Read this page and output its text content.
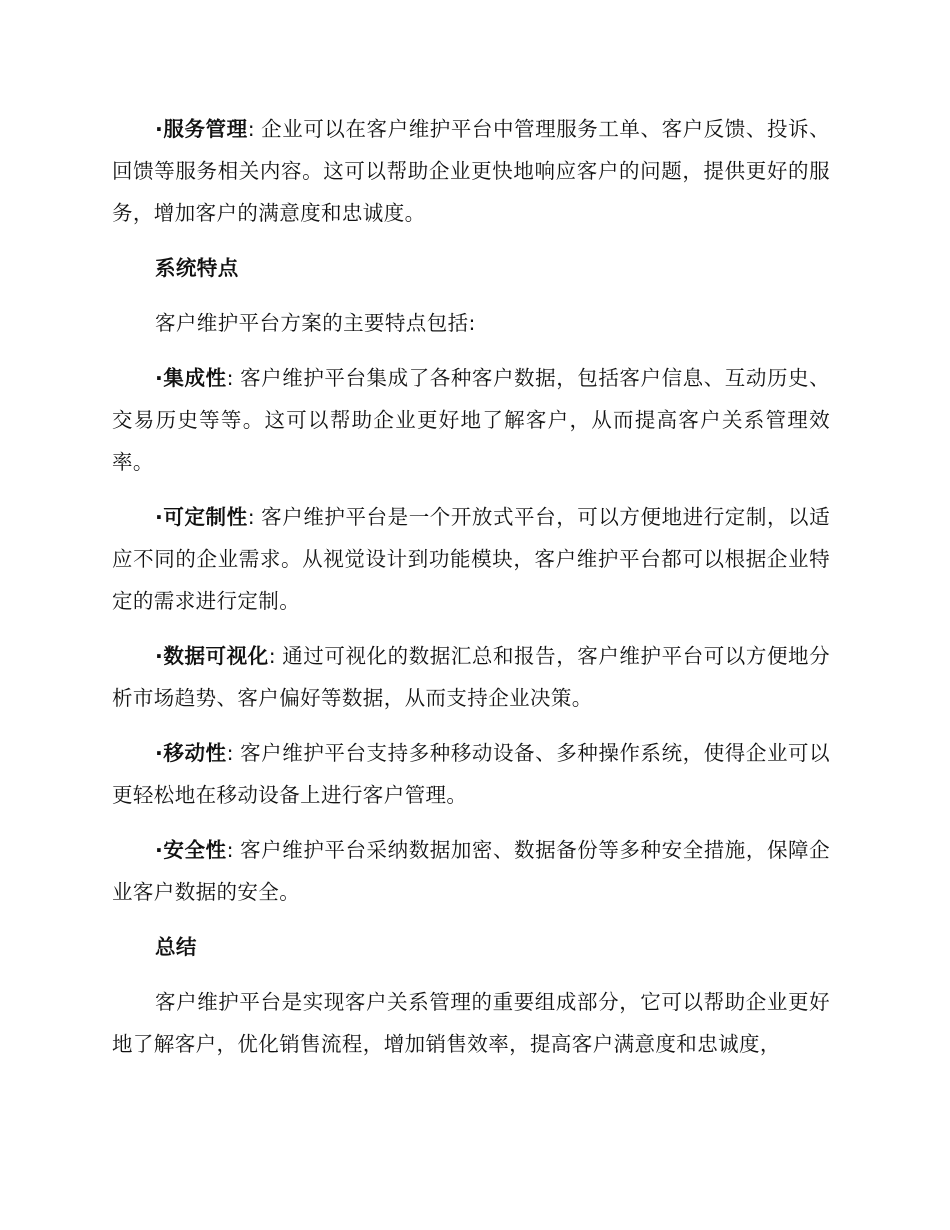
·服务管理: 企业可以在客户维护平台中管理服务工单、客户反馈、投诉、回馈等服务相关内容。这可以帮助企业更快地响应客户的问题，提供更好的服务，增加客户的满意度和忠诚度。

系统特点

客户维护平台方案的主要特点包括:

·集成性: 客户维护平台集成了各种客户数据，包括客户信息、互动历史、交易历史等等。这可以帮助企业更好地了解客户，从而提高客户关系管理效率。

·可定制性: 客户维护平台是一个开放式平台，可以方便地进行定制，以适应不同的企业需求。从视觉设计到功能模块，客户维护平台都可以根据企业特定的需求进行定制。

·数据可视化: 通过可视化的数据汇总和报告，客户维护平台可以方便地分析市场趋势、客户偏好等数据，从而支持企业决策。

·移动性: 客户维护平台支持多种移动设备、多种操作系统，使得企业可以更轻松地在移动设备上进行客户管理。

·安全性: 客户维护平台采纳数据加密、数据备份等多种安全措施，保障企业客户数据的安全。

总结

客户维护平台是实现客户关系管理的重要组成部分，它可以帮助企业更好地了解客户，优化销售流程，增加销售效率，提高客户满意度和忠诚度，
